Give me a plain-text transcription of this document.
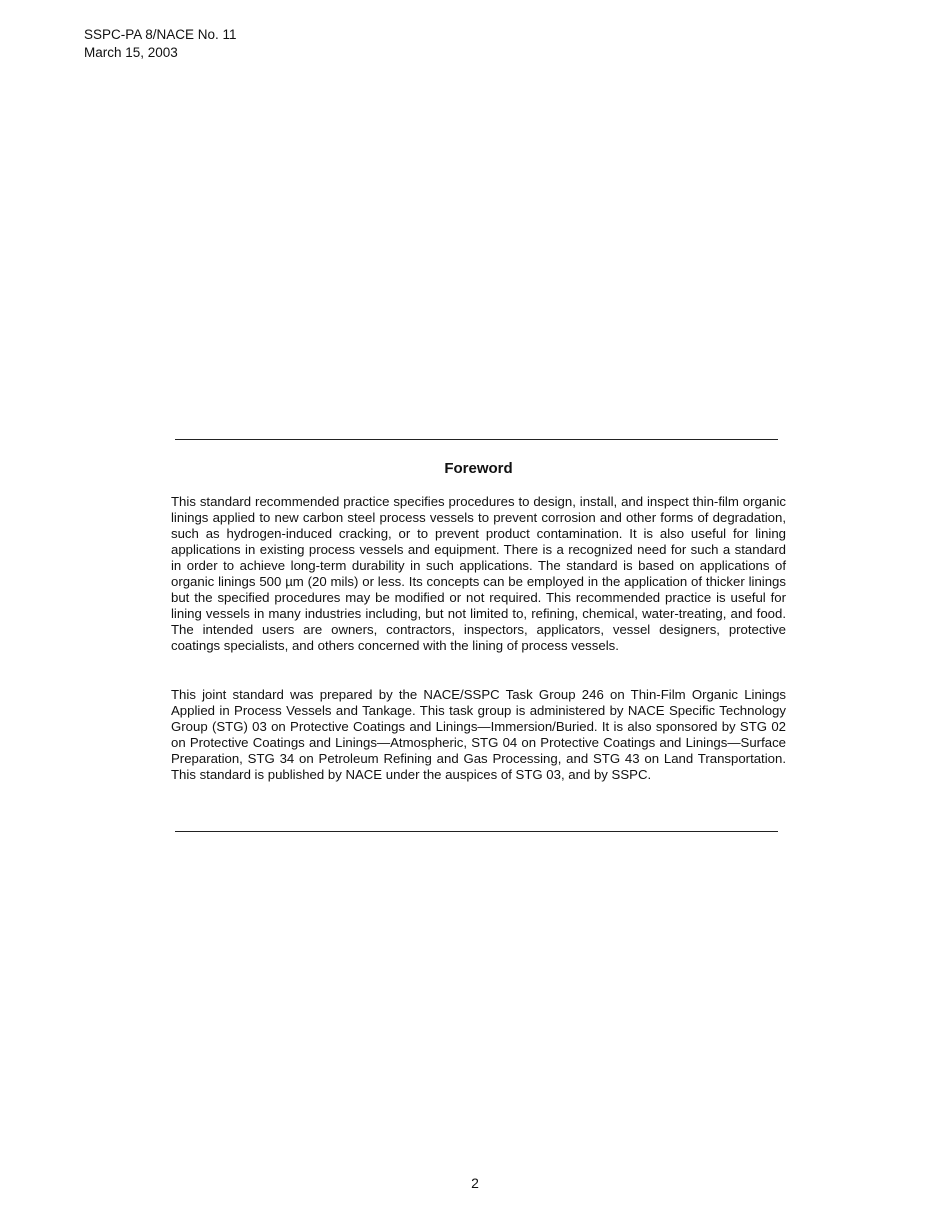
SSPC-PA 8/NACE No. 11
March 15, 2003
Foreword

This standard recommended practice specifies procedures to design, install, and inspect thin-film organic linings applied to new carbon steel process vessels to prevent corrosion and other forms of degradation, such as hydrogen-induced cracking, or to prevent product contamination. It is also useful for lining applications in existing process vessels and equipment. There is a recognized need for such a standard in order to achieve long-term durability in such applications. The standard is based on applications of organic linings 500 µm (20 mils) or less. Its concepts can be employed in the application of thicker linings but the specified procedures may be modified or not required. This recommended practice is useful for lining vessels in many industries including, but not limited to, refining, chemical, water-treating, and food. The intended users are owners, contractors, inspectors, applicators, vessel designers, protective coatings specialists, and others concerned with the lining of process vessels.

This joint standard was prepared by the NACE/SSPC Task Group 246 on Thin-Film Organic Linings Applied in Process Vessels and Tankage. This task group is administered by NACE Specific Technology Group (STG) 03 on Protective Coatings and Linings—Immersion/Buried. It is also sponsored by STG 02 on Protective Coatings and Linings—Atmospheric, STG 04 on Protective Coatings and Linings—Surface Preparation, STG 34 on Petroleum Refining and Gas Processing, and STG 43 on Land Transportation. This standard is published by NACE under the auspices of STG 03, and by SSPC.

2
